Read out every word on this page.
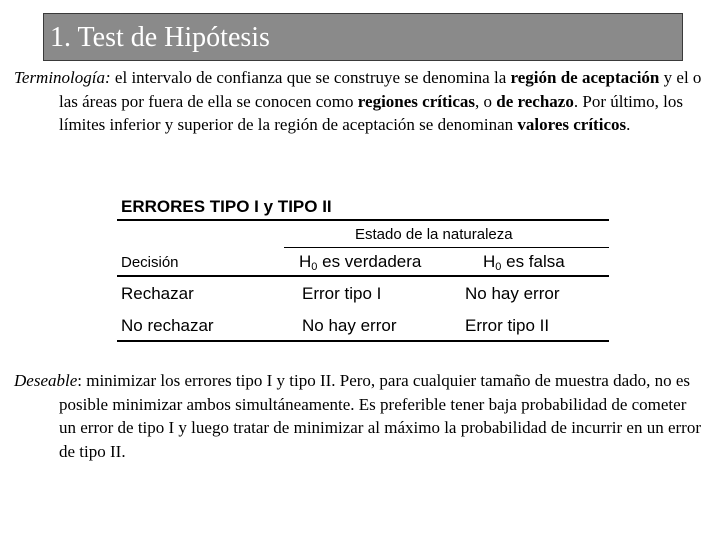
1. Test de Hipótesis
Terminología: el intervalo de confianza que se construye se denomina la región de aceptación y el o las áreas por fuera de ella se conocen como regiones críticas, o de rechazo. Por último, los límites inferior y superior de la región de aceptación se denominan valores críticos.
ERRORES TIPO I y TIPO II
Estado de la naturaleza
Decisión	$H_0$ es verdadera	$H_0$ es falsa
Rechazar	Error tipo I	No hay error
No rechazar	No hay error	Error tipo II
Deseable: minimizar los errores tipo I y tipo II. Pero, para cualquier tamaño de muestra dado, no es posible minimizar ambos simultáneamente. Es preferible tener baja probabilidad de cometer un error de tipo I y luego tratar de minimizar al máximo la probabilidad de incurrir en un error de tipo II.
